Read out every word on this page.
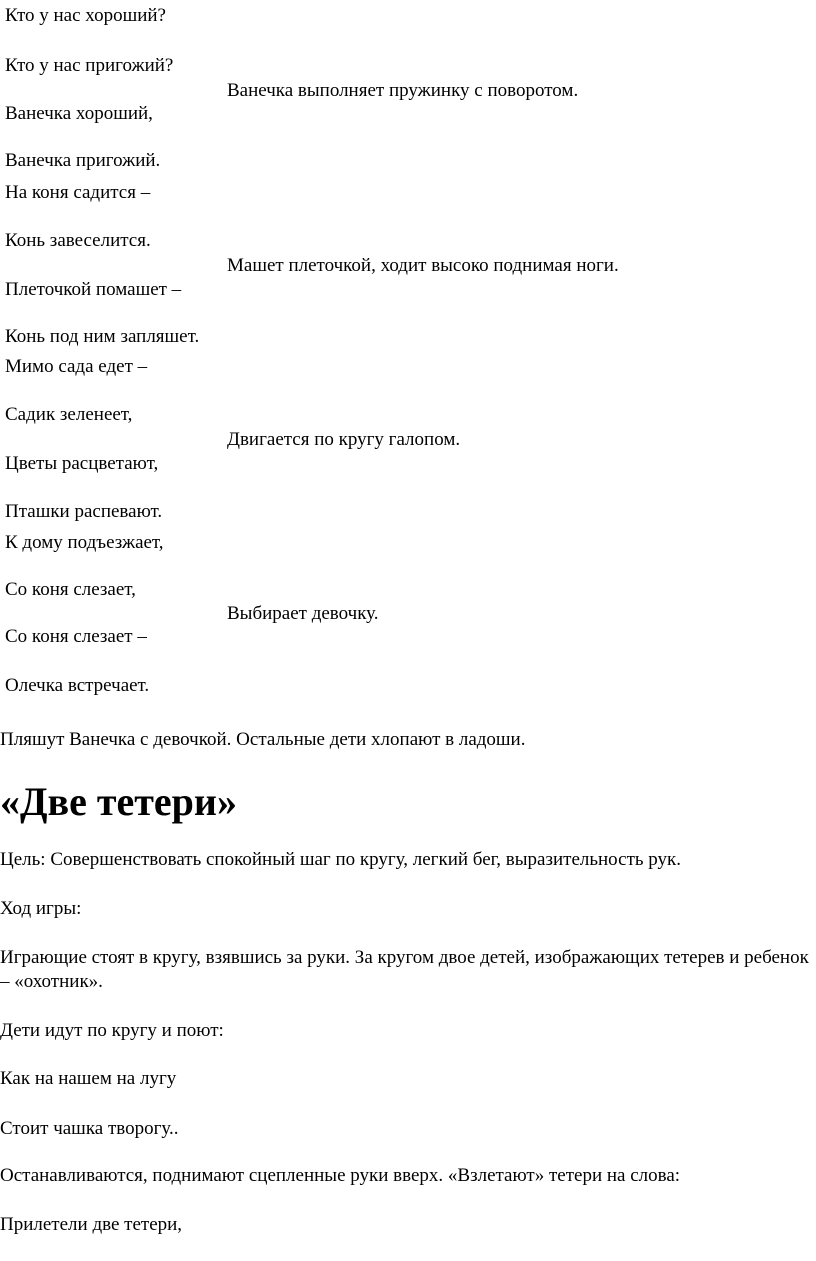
Кто у нас хороший?
Кто у нас пригожий?
Ванечка выполняет пружинку с поворотом.
Ванечка хороший,
Ванечка пригожий.
На коня садится –
Конь завеселится.
Машет плеточкой, ходит высоко поднимая ноги.
Плеточкой помашет –
Конь под ним запляшет.
Мимо сада едет –
Садик зеленеет,
Двигается по кругу галопом.
Цветы расцветают,
Пташки распевают.
К дому подъезжает,
Со коня слезает,
Выбирает девочку.
Со коня слезает –
Олечка встречает.
Пляшут Ванечка с девочкой. Остальные дети хлопают в ладоши.
«Две тетери»
Цель: Совершенствовать спокойный шаг по кругу, легкий бег, выразительность рук.
Ход игры:
Играющие стоят в кругу, взявшись за руки. За кругом двое детей, изображающих тетерев и ребенок – «охотник».
Дети идут по кругу и поют:
Как на нашем на лугу
Стоит чашка творогу..
Останавливаются, поднимают сцепленные руки вверх. «Взлетают» тетери на слова:
Прилетели две тетери,
